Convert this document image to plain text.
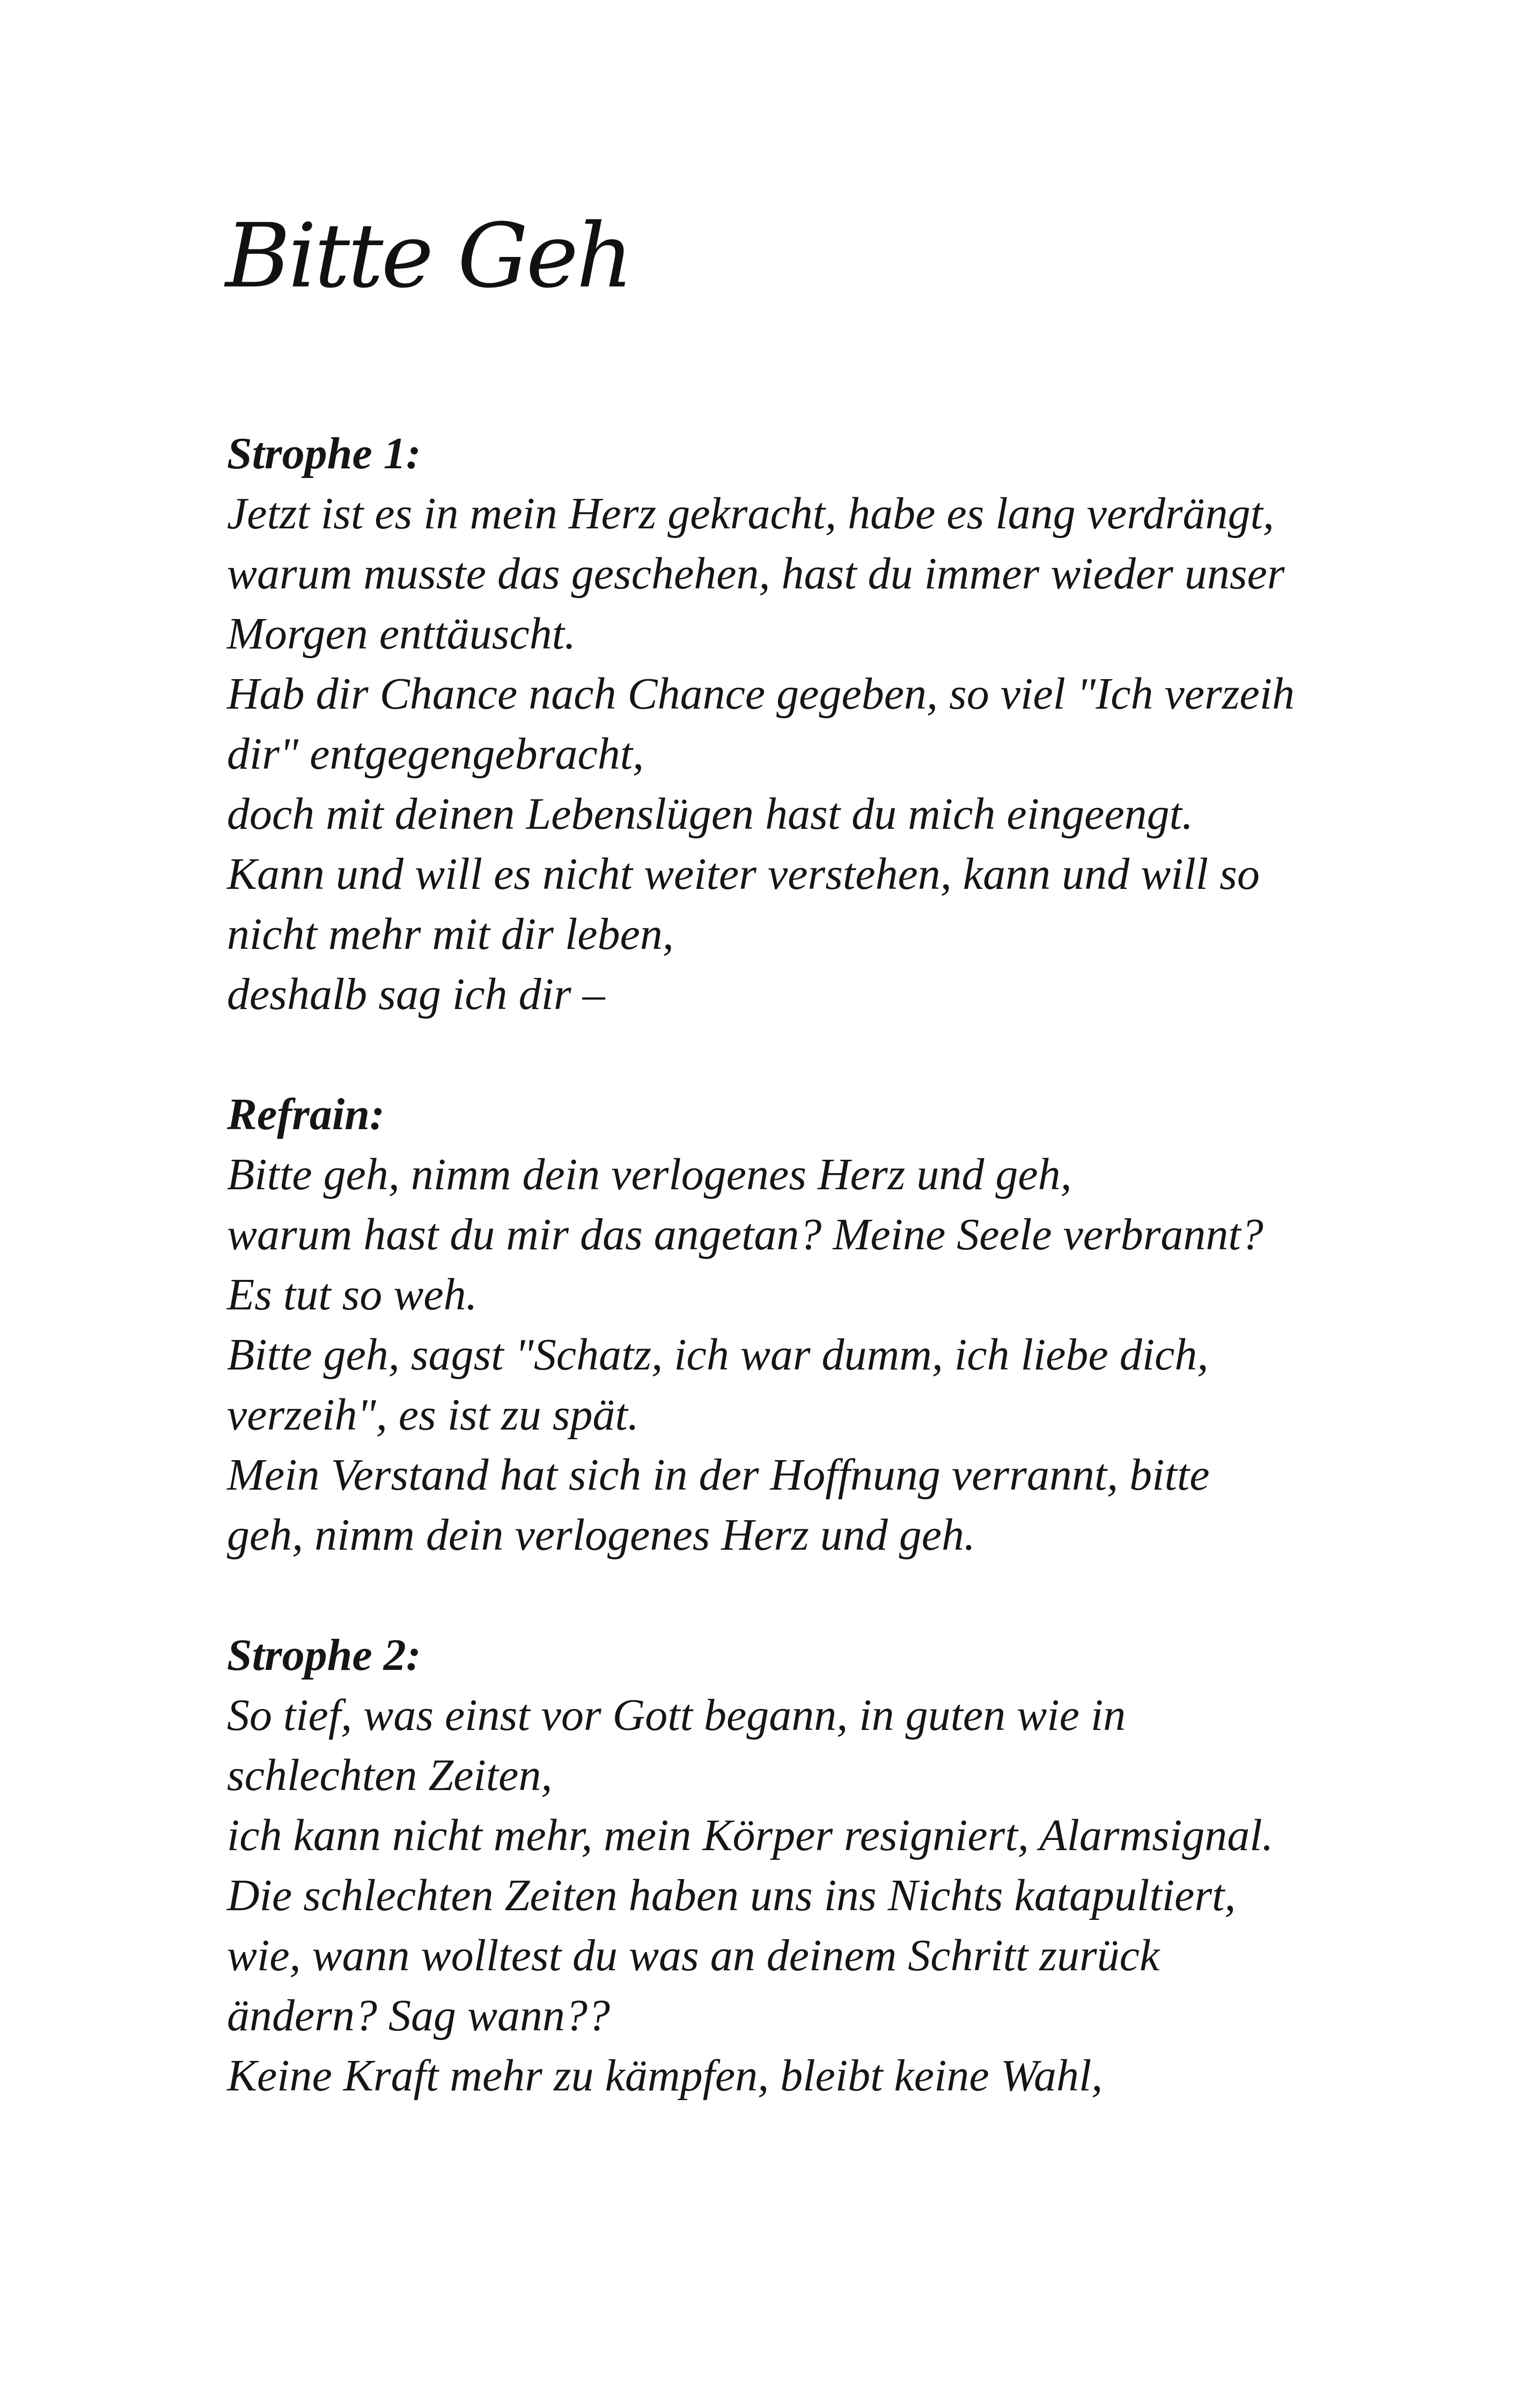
Bitte Geh
Strophe 1:
Jetzt ist es in mein Herz gekracht, habe es lang verdrängt,
warum musste das geschehen, hast du immer wieder unser
Morgen enttäuscht.
Hab dir Chance nach Chance gegeben, so viel "Ich verzeih
dir" entgegengebracht,
doch mit deinen Lebenslügen hast du mich eingeengt.
Kann und will es nicht weiter verstehen, kann und will so
nicht mehr mit dir leben,
deshalb sag ich dir –
Refrain:
Bitte geh, nimm dein verlogenes Herz und geh,
warum hast du mir das angetan? Meine Seele verbrannt?
Es tut so weh.
Bitte geh, sagst "Schatz, ich war dumm, ich liebe dich,
verzeih", es ist zu spät.
Mein Verstand hat sich in der Hoffnung verrannt, bitte
geh, nimm dein verlogenes Herz und geh.
Strophe 2:
So tief, was einst vor Gott begann, in guten wie in
schlechten Zeiten,
ich kann nicht mehr, mein Körper resigniert, Alarmsignal.
Die schlechten Zeiten haben uns ins Nichts katapultiert,
wie, wann wolltest du was an deinem Schritt zurück
ändern? Sag wann??
Keine Kraft mehr zu kämpfen, bleibt keine Wahl,
